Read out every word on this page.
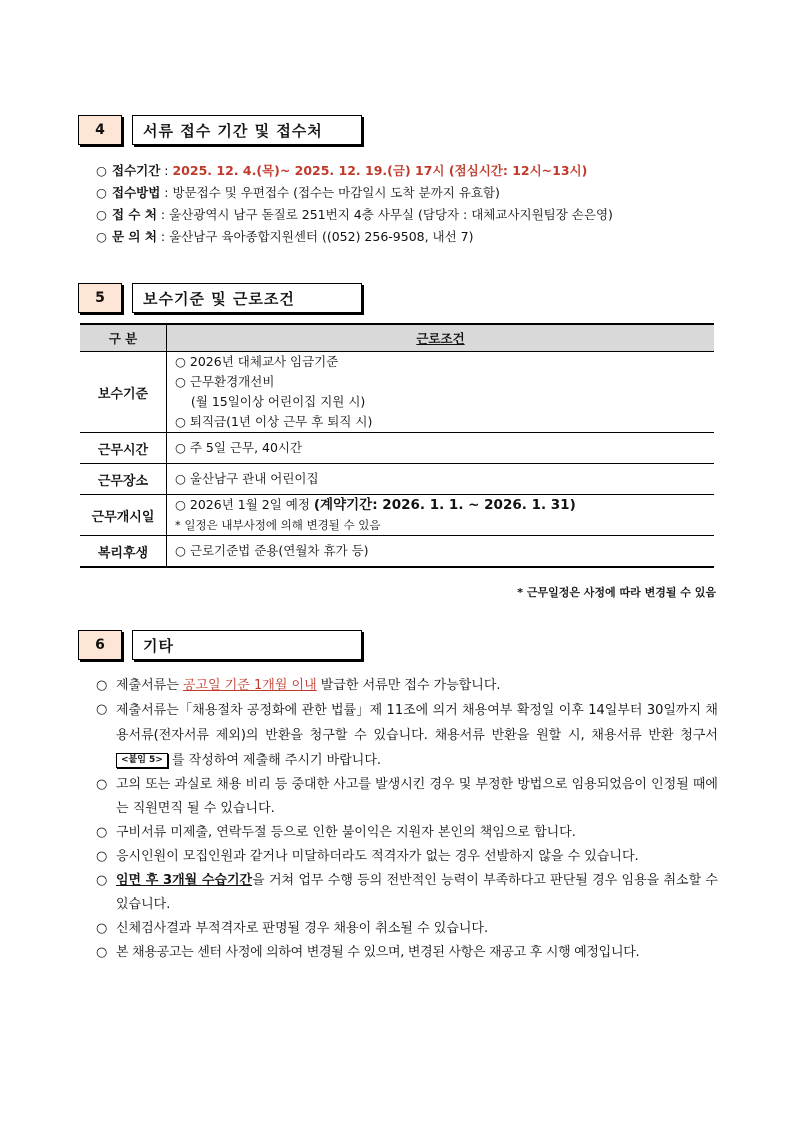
4	서류 접수 기간 및 접수처
○ 접수기간 : 2025. 12. 4.(목)~ 2025. 12. 19.(금) 17시 (점심시간: 12시~13시)
○ 접수방법 : 방문접수 및 우편접수 (접수는 마감일시 도착 분까지 유효함)
○ 접 수 처 : 울산광역시 남구 돋질로 251번지 4층 사무실 (담당자 : 대체교사지원팀장 손은영)
○ 문 의 처 : 울산남구 육아종합지원센터 ((052) 256-9508, 내선 7)
5	보수기준 및 근로조건
구 분	근로조건
보수기준	○ 2026년 대체교사 임금기준
○ 근무환경개선비
(월 15일이상 어린이집 지원 시)
○ 퇴직금(1년 이상 근무 후 퇴직 시)

근무시간	○ 주 5일 근무, 40시간

근무장소	○ 울산남구 관내 어린이집

근무개시일	○ 2026년 1월 2일 예정 (계약기간: 2026. 1. 1. ~ 2026. 1. 31)
* 일정은 내부사정에 의해 변경될 수 있음

복리후생	○ 근로기준법 준용(연월차 휴가 등)
* 근무일정은 사정에 따라 변경될 수 있음
6	기타
○ 제출서류는 공고일 기준 1개월 이내 발급한 서류만 접수 가능합니다.
○ 제출서류는「채용절차 공정화에 관한 법률」제 11조에 의거 채용여부 확정일 이후 14일부터 30일까지 채용서류(전자서류 제외)의 반환을 청구할 수 있습니다. 채용서류 반환을 원할 시, 채용서류 반환 청구서 <붙임 5> 를 작성하여 제출해 주시기 바랍니다.
○ 고의 또는 과실로 채용 비리 등 중대한 사고를 발생시킨 경우 및 부정한 방법으로 임용되었음이 인정될 때에는 직원면직 될 수 있습니다.
○ 구비서류 미제출, 연락두절 등으로 인한 불이익은 지원자 본인의 책임으로 합니다.
○ 응시인원이 모집인원과 같거나 미달하더라도 적격자가 없는 경우 선발하지 않을 수 있습니다.
○ 임면 후 3개월 수습기간을 거쳐 업무 수행 등의 전반적인 능력이 부족하다고 판단될 경우 임용을 취소할 수 있습니다.
○ 신체검사결과 부적격자로 판명될 경우 채용이 취소될 수 있습니다.
○ 본 채용공고는 센터 사정에 의하여 변경될 수 있으며, 변경된 사항은 재공고 후 시행 예정입니다.
